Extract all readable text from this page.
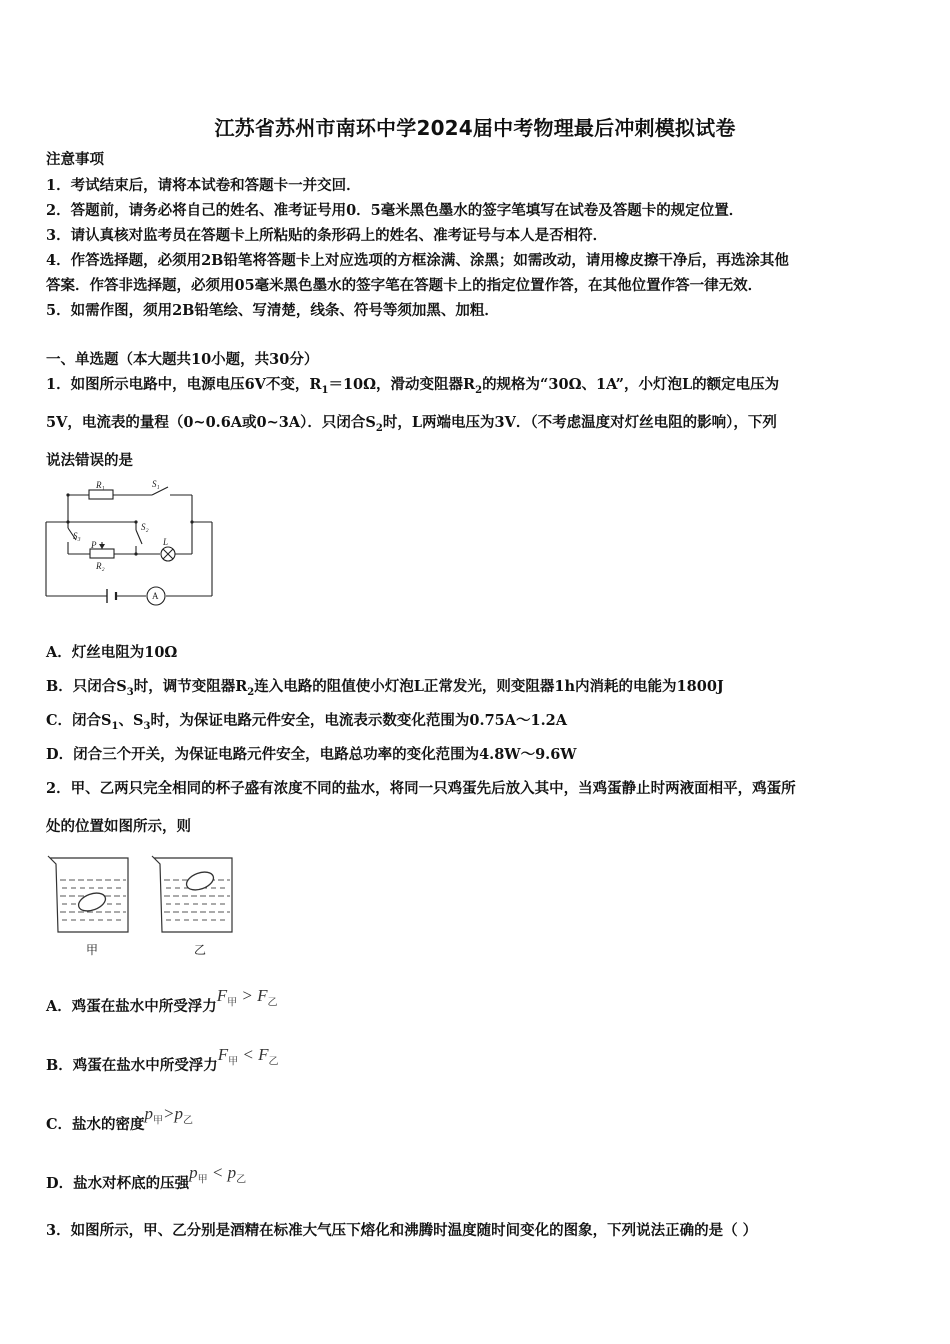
江苏省苏州市南环中学2024届中考物理最后冲刺模拟试卷
注意事项
1．考试结束后，请将本试卷和答题卡一并交回．
2．答题前，请务必将自己的姓名、准考证号用0．5毫米黑色墨水的签字笔填写在试卷及答题卡的规定位置．
3．请认真核对监考员在答题卡上所粘贴的条形码上的姓名、准考证号与本人是否相符．
4．作答选择题，必须用2B铅笔将答题卡上对应选项的方框涂满、涂黑；如需改动，请用橡皮擦干净后，再选涂其他
答案．作答非选择题，必须用05毫米黑色墨水的签字笔在答题卡上的指定位置作答，在其他位置作答一律无效．
5．如需作图，须用2B铅笔绘、写清楚，线条、符号等须加黑、加粗．
一、单选题（本大题共10小题，共30分）
1．如图所示电路中，电源电压6V不变，$R_1=10\Omega$，滑动变阻器$R_2$的规格为“30Ω、1A”，小灯泡L的额定电压为
5V，电流表的量程（0~0.6A或0~3A）．只闭合$S_2$时，L两端电压为3V．（不考虑温度对灯丝电阻的影响），下列
说法错误的是
R₁	S₁
S₂
S₃
P
R₂
L
A
A．灯丝电阻为10Ω
B．只闭合$S_3$时，调节变阻器$R_2$连入电路的阻值使小灯泡L正常发光，则变阻器1h内消耗的电能为1800J
C．闭合$S_1$、$S_3$时，为保证电路元件安全，电流表示数变化范围为0.75A～1.2A
D．闭合三个开关，为保证电路元件安全，电路总功率的变化范围为4.8W～9.6W
2．甲、乙两只完全相同的杯子盛有浓度不同的盐水，将同一只鸡蛋先后放入其中，当鸡蛋静止时两液面相平，鸡蛋所
处的位置如图所示，则
甲	乙
A．鸡蛋在盐水中所受浮力$F_甲 > F_乙$
B．鸡蛋在盐水中所受浮力$F_甲 < F_乙$
C．盐水的密度$p_甲>p_乙$
D．盐水对杯底的压强$p_甲 < p_乙$
3．如图所示，甲、乙分别是酒精在标准大气压下熔化和沸腾时温度随时间变化的图象，下列说法正确的是（ ）
